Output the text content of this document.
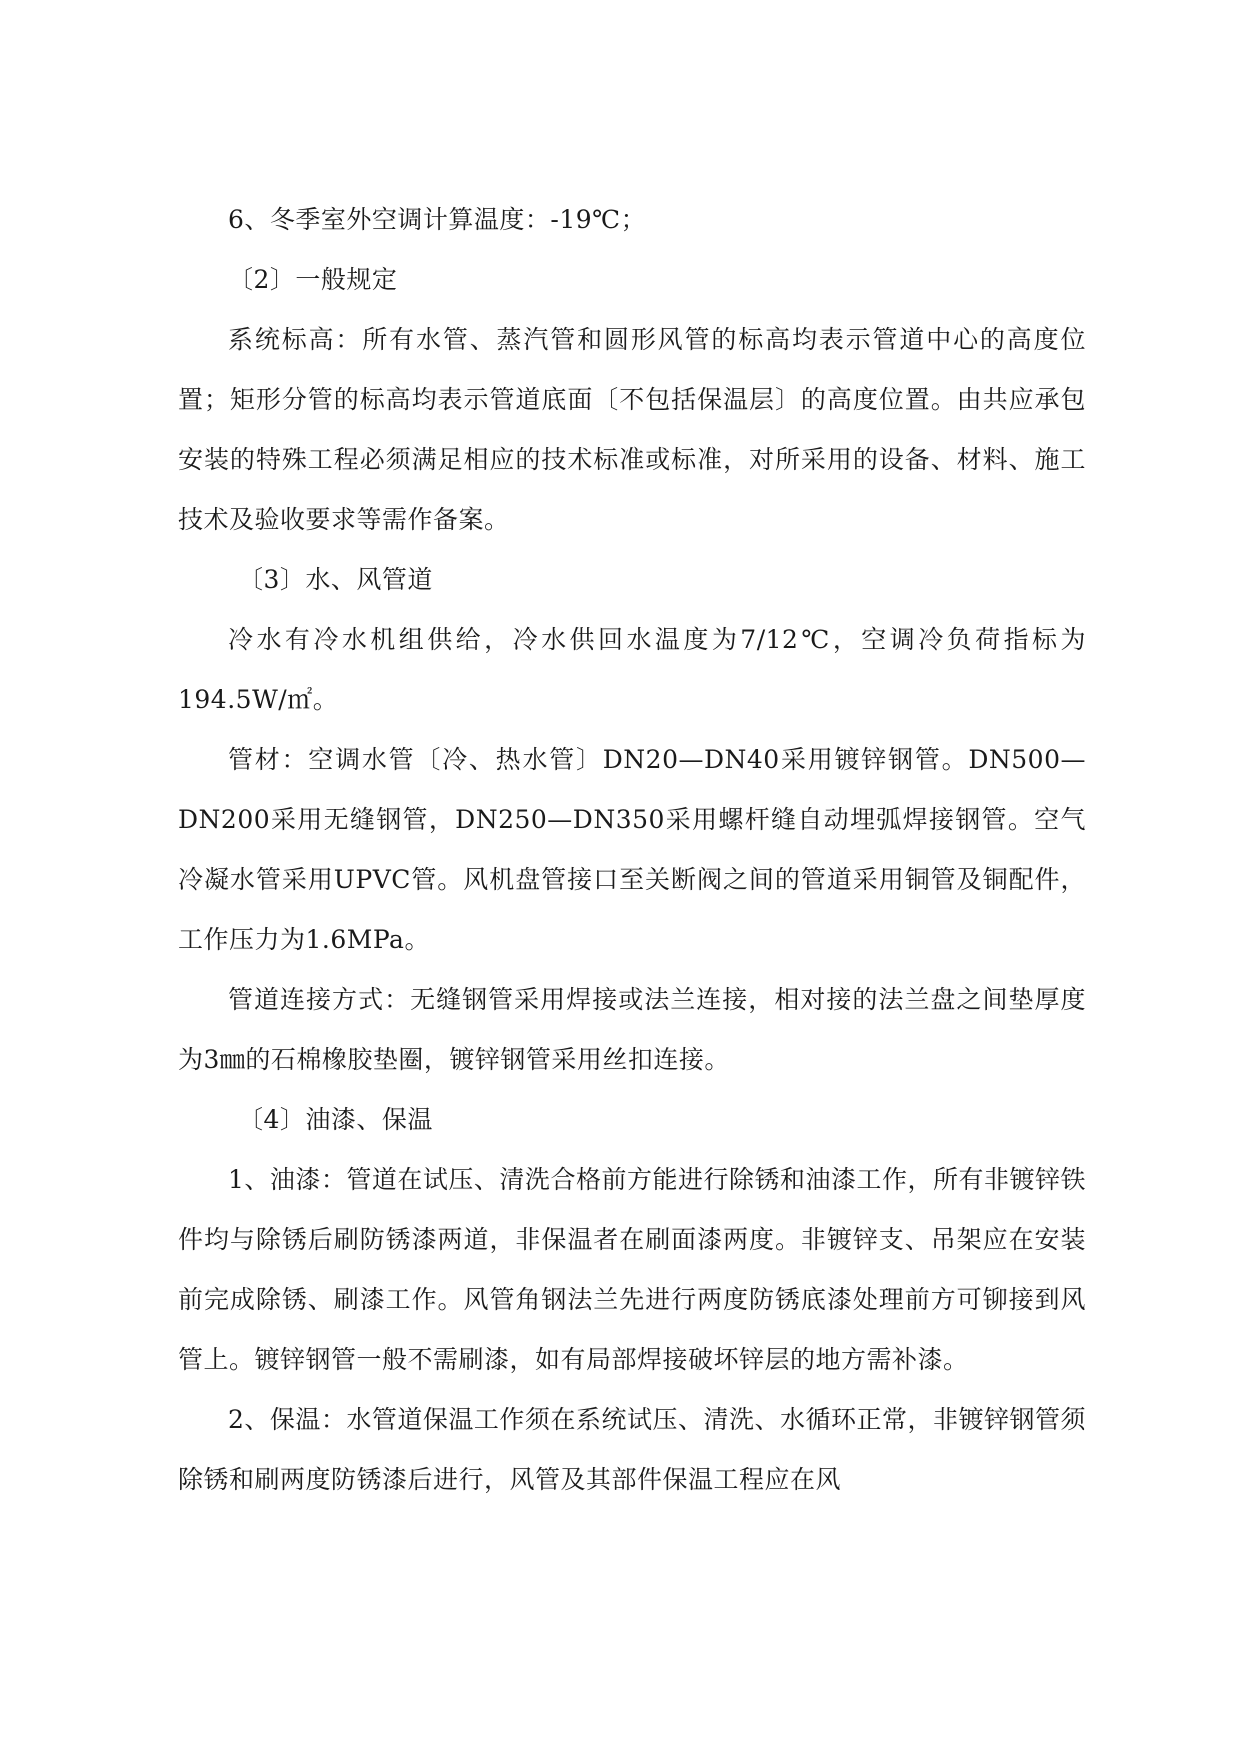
6、冬季室外空调计算温度：-19℃；

〔2〕一般规定

系统标高：所有水管、蒸汽管和圆形风管的标高均表示管道中心的高度位置；矩形分管的标高均表示管道底面〔不包括保温层〕的高度位置。由共应承包安装的特殊工程必须满足相应的技术标准或标准，对所采用的设备、材料、施工技术及验收要求等需作备案。

〔3〕水、风管道

冷水有冷水机组供给，冷水供回水温度为7/12℃，空调冷负荷指标为194.5W/㎡。

管材：空调水管〔冷、热水管〕DN20—DN40采用镀锌钢管。DN500—DN200采用无缝钢管，DN250—DN350采用螺杆缝自动埋弧焊接钢管。空气冷凝水管采用UPVC管。风机盘管接口至关断阀之间的管道采用铜管及铜配件，工作压力为1.6MPa。

管道连接方式：无缝钢管采用焊接或法兰连接，相对接的法兰盘之间垫厚度为3㎜的石棉橡胶垫圈，镀锌钢管采用丝扣连接。

〔4〕油漆、保温

1、油漆：管道在试压、清洗合格前方能进行除锈和油漆工作，所有非镀锌铁件均与除锈后刷防锈漆两道，非保温者在刷面漆两度。非镀锌支、吊架应在安装前完成除锈、刷漆工作。风管角钢法兰先进行两度防锈底漆处理前方可铆接到风管上。镀锌钢管一般不需刷漆，如有局部焊接破坏锌层的地方需补漆。

2、保温：水管道保温工作须在系统试压、清洗、水循环正常，非镀锌钢管须除锈和刷两度防锈漆后进行，风管及其部件保温工程应在风
